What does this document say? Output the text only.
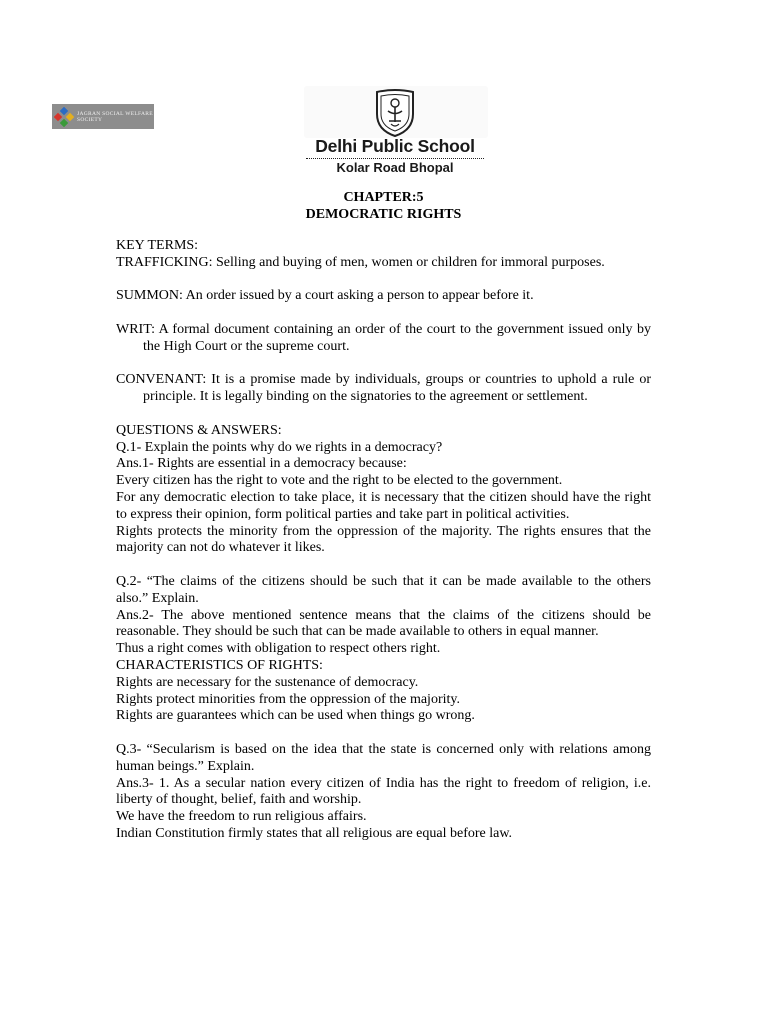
JAGRAN SOCIAL WELFARE SOCIETY
Delhi Public School
Kolar Road Bhopal
CHAPTER:5
DEMOCRATIC RIGHTS

KEY TERMS:

TRAFFICKING: Selling and buying of men, women or children for immoral purposes.

SUMMON: An order issued by a court asking a person to appear before it.

WRIT: A formal document containing an order of the court to the government issued only by the High Court or the supreme court.

CONVENANT: It is a promise made by individuals, groups or countries to uphold a rule or principle. It is legally binding on the signatories to the agreement or settlement.

QUESTIONS & ANSWERS:

Q.1- Explain the points why do we rights in a democracy?

Ans.1- Rights are essential in a democracy because:

Every citizen has the right to vote and the right to be elected to the government.

For any democratic election to take place, it is necessary that the citizen should have the right to express their opinion, form political parties and take part in political activities.

Rights protects the minority from the oppression of the majority. The rights ensures that the majority can not do whatever it likes.

Q.2- “The claims of the citizens should be such that it can be made available to the others also.” Explain.

Ans.2- The above mentioned sentence means that the claims of the citizens should be reasonable. They should be such that can be made available to others in equal manner.

Thus a right comes with obligation to respect others right.

CHARACTERISTICS OF RIGHTS:

Rights are necessary for the sustenance of democracy.

Rights protect minorities from the oppression of the majority.

Rights are guarantees which can be used when things go wrong.

Q.3- “Secularism is based on the idea that the state is concerned only with relations among human beings.” Explain.

Ans.3- 1. As a secular nation every citizen of India has the right to freedom of religion, i.e. liberty of thought, belief, faith and worship.

We have the freedom to run religious affairs.

Indian Constitution firmly states that all religious are equal before law.
